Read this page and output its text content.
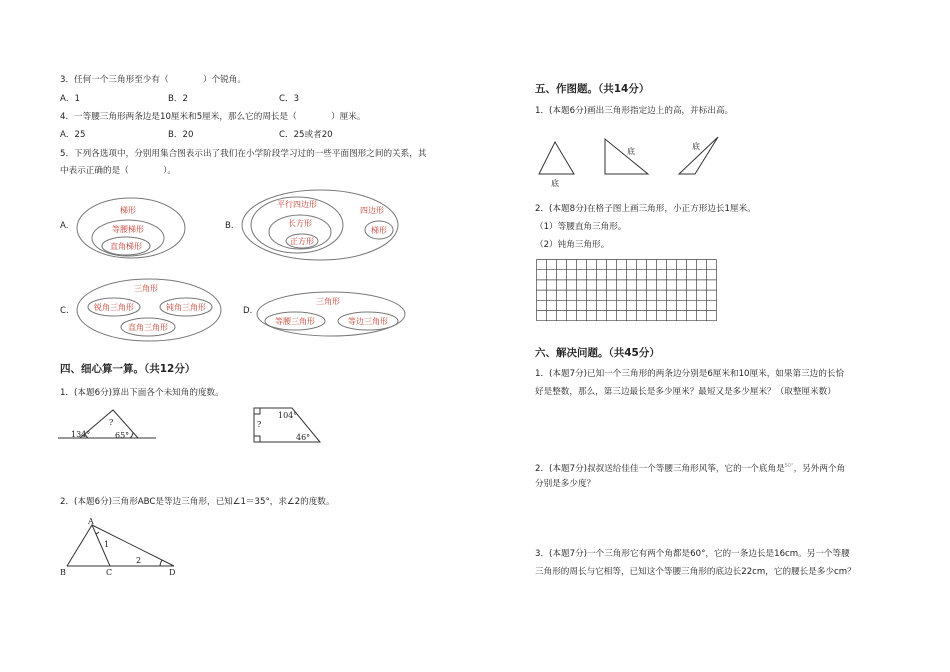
3．任何一个三角形至少有（　　　　）个锐角。
A．1	B．2	C．3
4．一等腰三角形两条边是10厘米和5厘米，那么它的周长是（　　　　）厘米。
A．25	B．20	C．25或者20
5．下列各选项中，分别用集合图表示出了我们在小学阶段学习过的一些平面图形之间的关系，其
中表示正确的是（　　　　）。
A.
梯形
等腰梯形
直角梯形
B.
平行四边形
长方形
正方形
四边形
梯形
C.
三角形
锐角三角形	钝角三角形
直角三角形
D.
三角形
等腰三角形	等边三角形
四、细心算一算。（共12分）
1．(本题6分)算出下面各个未知角的度数。
134°
?
65°
104°
?
46°
2．(本题6分)三角形ABC是等边三角形，已知∠1＝35°，求∠2的度数。
A
B	C	D
1
2
五、作图题。（共14分）
1．(本题6分)画出三角形指定边上的高，并标出高。
底
底
底
2．(本题8分)在格子图上画三角形，小正方形边长1厘米。
（1）等腰直角三角形。
（2）钝角三角形。
六、解决问题。（共45分）
1．(本题7分)已知一个三角形的两条边分别是6厘米和10厘米，如果第三边的长恰
好是整数，那么，第三边最长是多少厘米？最短又是多少厘米？（取整厘米数）
2．(本题7分)叔叔送给佳佳一个等腰三角形风筝，它的一个底角是$^{50^\circ}$，另外两个角
分别是多少度？
3．(本题7分)一个三角形它有两个角都是60°，它的一条边长是16cm。另一个等腰
三角形的周长与它相等，已知这个等腰三角形的底边长22cm，它的腰长是多少cm？
